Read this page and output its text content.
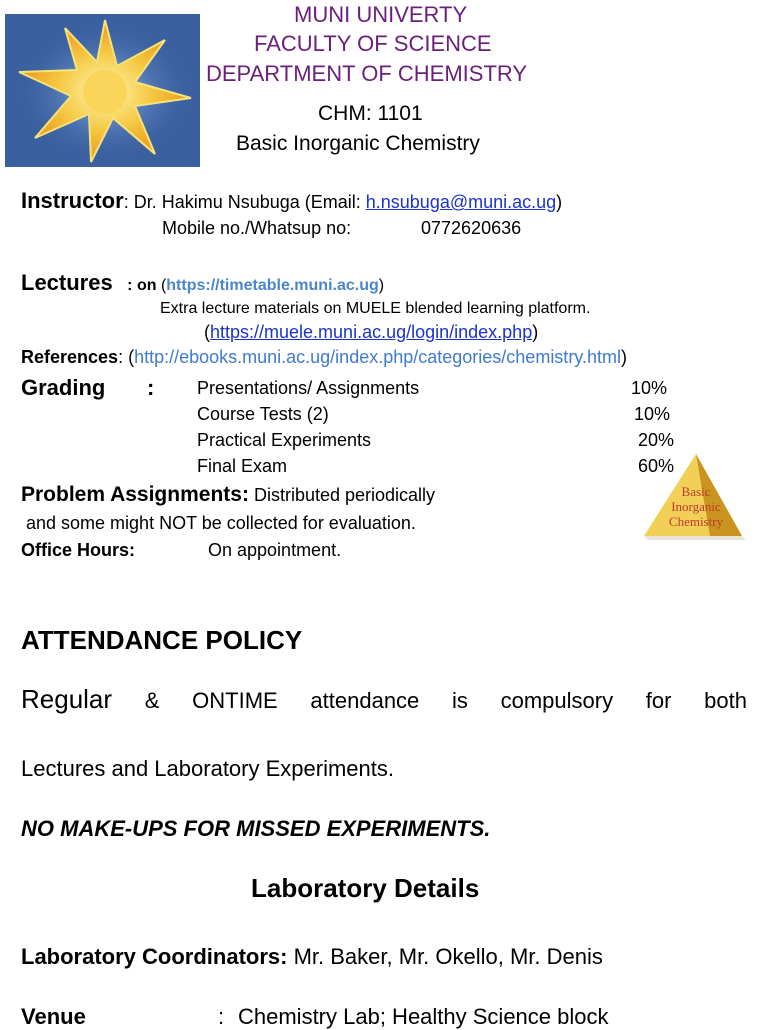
MUNI UNIVERTY
FACULTY OF SCIENCE
DEPARTMENT OF CHEMISTRY
CHM: 1101
Basic Inorganic Chemistry
Instructor: Dr. Hakimu Nsubuga (Email: h.nsubuga@muni.ac.ug)
Mobile no./Whatsup no:	0772620636
Lectures : on (https://timetable.muni.ac.ug)
Extra lecture materials on MUELE blended learning platform.
(https://muele.muni.ac.ug/login/index.php)
References: (http://ebooks.muni.ac.ug/index.php/categories/chemistry.html)
Grading : Presentations/ Assignments	10%
Course Tests (2)	10%
Practical Experiments	20%
Final Exam	60%
Basic
Inorganic
Chemistry
Problem Assignments: Distributed periodically
and some might NOT be collected for evaluation.
Office Hours:	On appointment.
ATTENDANCE POLICY
Regular & ONTIME attendance is compulsory for both
Lectures and Laboratory Experiments.
NO MAKE-UPS FOR MISSED EXPERIMENTS.
Laboratory Details
Laboratory Coordinators: Mr. Baker, Mr. Okello, Mr. Denis
Venue	: Chemistry Lab; Healthy Science block
